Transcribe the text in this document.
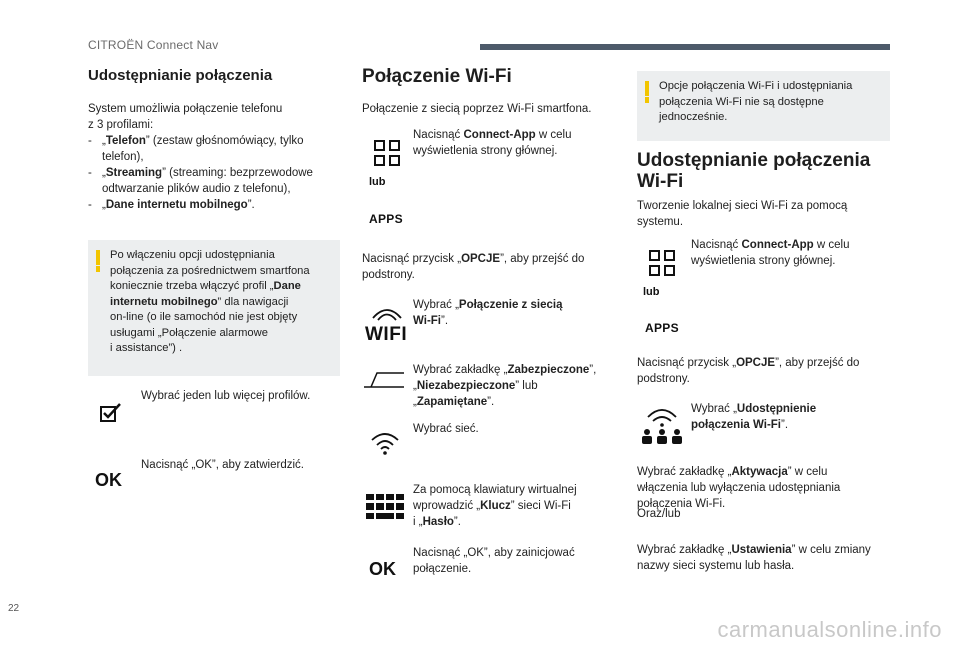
CITROËN Connect Nav
Udostępnianie połączenia
System umożliwia połączenie telefonu
z 3 profilami:
- „Telefon” (zestaw głośnomówiący, tylko
telefon),
- „Streaming” (streaming: bezprzewodowe
odtwarzanie plików audio z telefonu),
- „Dane internetu mobilnego”.
Po włączeniu opcji udostępniania
połączenia za pośrednictwem smartfona
koniecznie trzeba włączyć profil „Dane
internetu mobilnego” dla nawigacji
on-line (o ile samochód nie jest objęty
usługami „Połączenie alarmowe
i assistance”) .
Wybrać jeden lub więcej profilów.
OK
Nacisnąć „OK”, aby zatwierdzić.
Połączenie Wi-Fi
Połączenie z siecią poprzez Wi-Fi smartfona.
Nacisnąć Connect-App w celu
wyświetlenia strony głównej.
lub
APPS
Nacisnąć przycisk „OPCJE”, aby przejść do
podstrony.
WIFI
Wybrać „Połączenie z siecią
Wi-Fi”.
Wybrać zakładkę „Zabezpieczone”,
„Niezabezpieczone” lub
„Zapamiętane”.
Wybrać sieć.
Za pomocą klawiatury wirtualnej
wprowadzić „Klucz” sieci Wi-Fi
i „Hasło”.
OK
Nacisnąć „OK”, aby zainicjować
połączenie.
Opcje połączenia Wi-Fi i udostępniania
połączenia Wi-Fi nie są dostępne
jednocześnie.
Udostępnianie połączenia
Wi-Fi
Tworzenie lokalnej sieci Wi-Fi za pomocą
systemu.
Nacisnąć Connect-App w celu
wyświetlenia strony głównej.
lub
APPS
Nacisnąć przycisk „OPCJE”, aby przejść do
podstrony.
Wybrać „Udostępnienie
połączenia Wi-Fi”.
Wybrać zakładkę „Aktywacja” w celu
włączenia lub wyłączenia udostępniania
połączenia Wi-Fi.
Oraz/lub
Wybrać zakładkę „Ustawienia” w celu zmiany
nazwy sieci systemu lub hasła.
22
carmanualsonline.info
